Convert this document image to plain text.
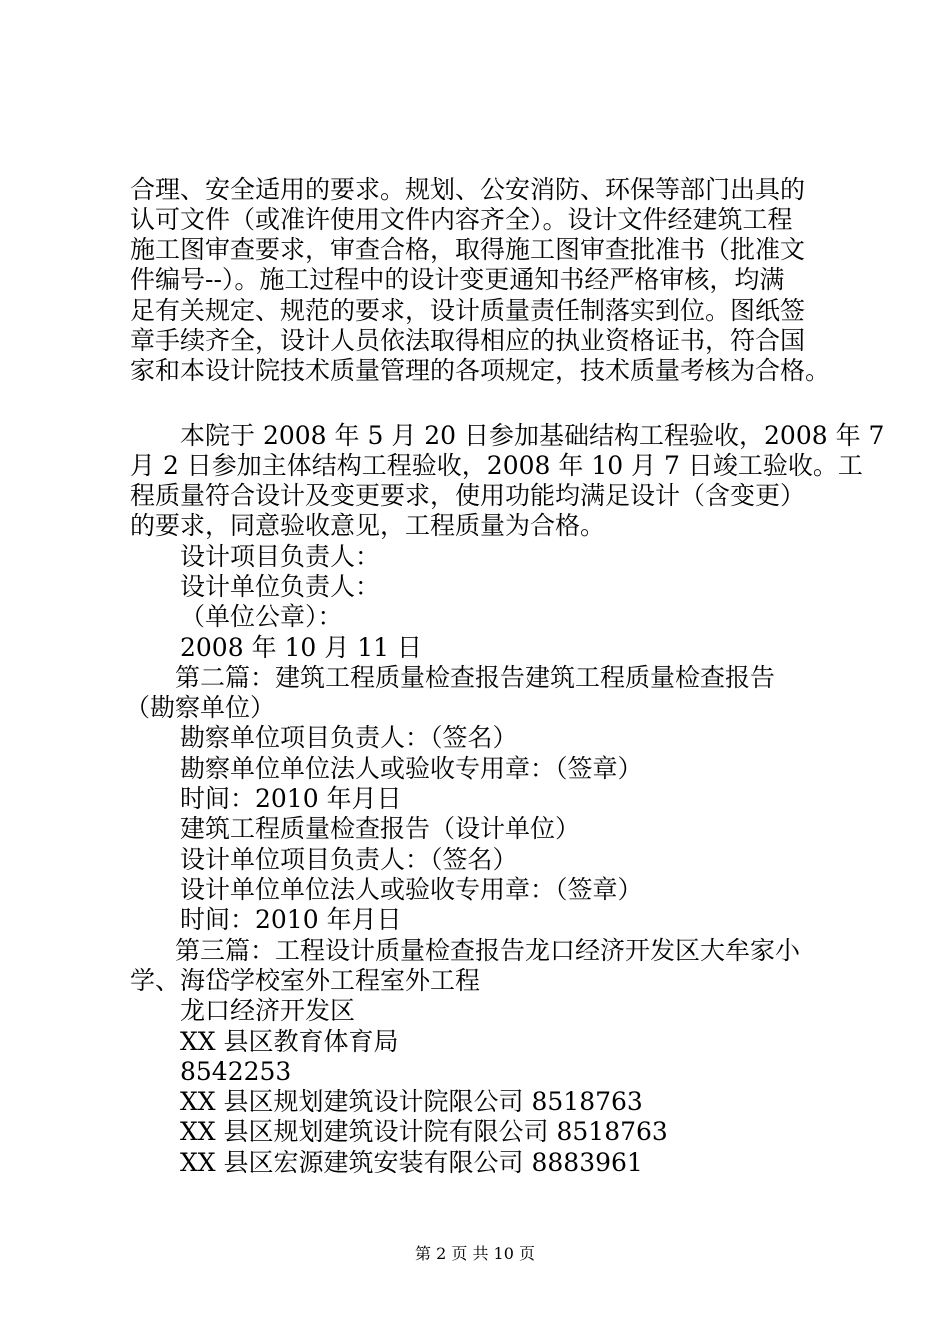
合理、安全适用的要求。规划、公安消防、环保等部门出具的
认可文件（或准许使用文件内容齐全）。设计文件经建筑工程
施工图审查要求，审查合格，取得施工图审查批准书（批准文
件编号--）。施工过程中的设计变更通知书经严格审核，均满
足有关规定、规范的要求，设计质量责任制落实到位。图纸签
章手续齐全，设计人员依法取得相应的执业资格证书，符合国
家和本设计院技术质量管理的各项规定，技术质量考核为合格。
本院于 2008 年 5 月 20 日参加基础结构工程验收，2008 年 7
月 2 日参加主体结构工程验收，2008 年 10 月 7 日竣工验收。工
程质量符合设计及变更要求，使用功能均满足设计（含变更）
的要求，同意验收意见，工程质量为合格。
设计项目负责人：
设计单位负责人：
（单位公章）：
2008 年 10 月 11 日
第二篇：建筑工程质量检查报告建筑工程质量检查报告
（勘察单位）
勘察单位项目负责人：（签名）
勘察单位单位法人或验收专用章：（签章）
时间：2010 年月日
建筑工程质量检查报告（设计单位）
设计单位项目负责人：（签名）
设计单位单位法人或验收专用章：（签章）
时间：2010 年月日
第三篇：工程设计质量检查报告龙口经济开发区大牟家小
学、海岱学校室外工程室外工程
龙口经济开发区
XX 县区教育体育局
8542253
XX 县区规划建筑设计院限公司 8518763
XX 县区规划建筑设计院有限公司 8518763
XX 县区宏源建筑安装有限公司 8883961
第 2 页 共 10 页
